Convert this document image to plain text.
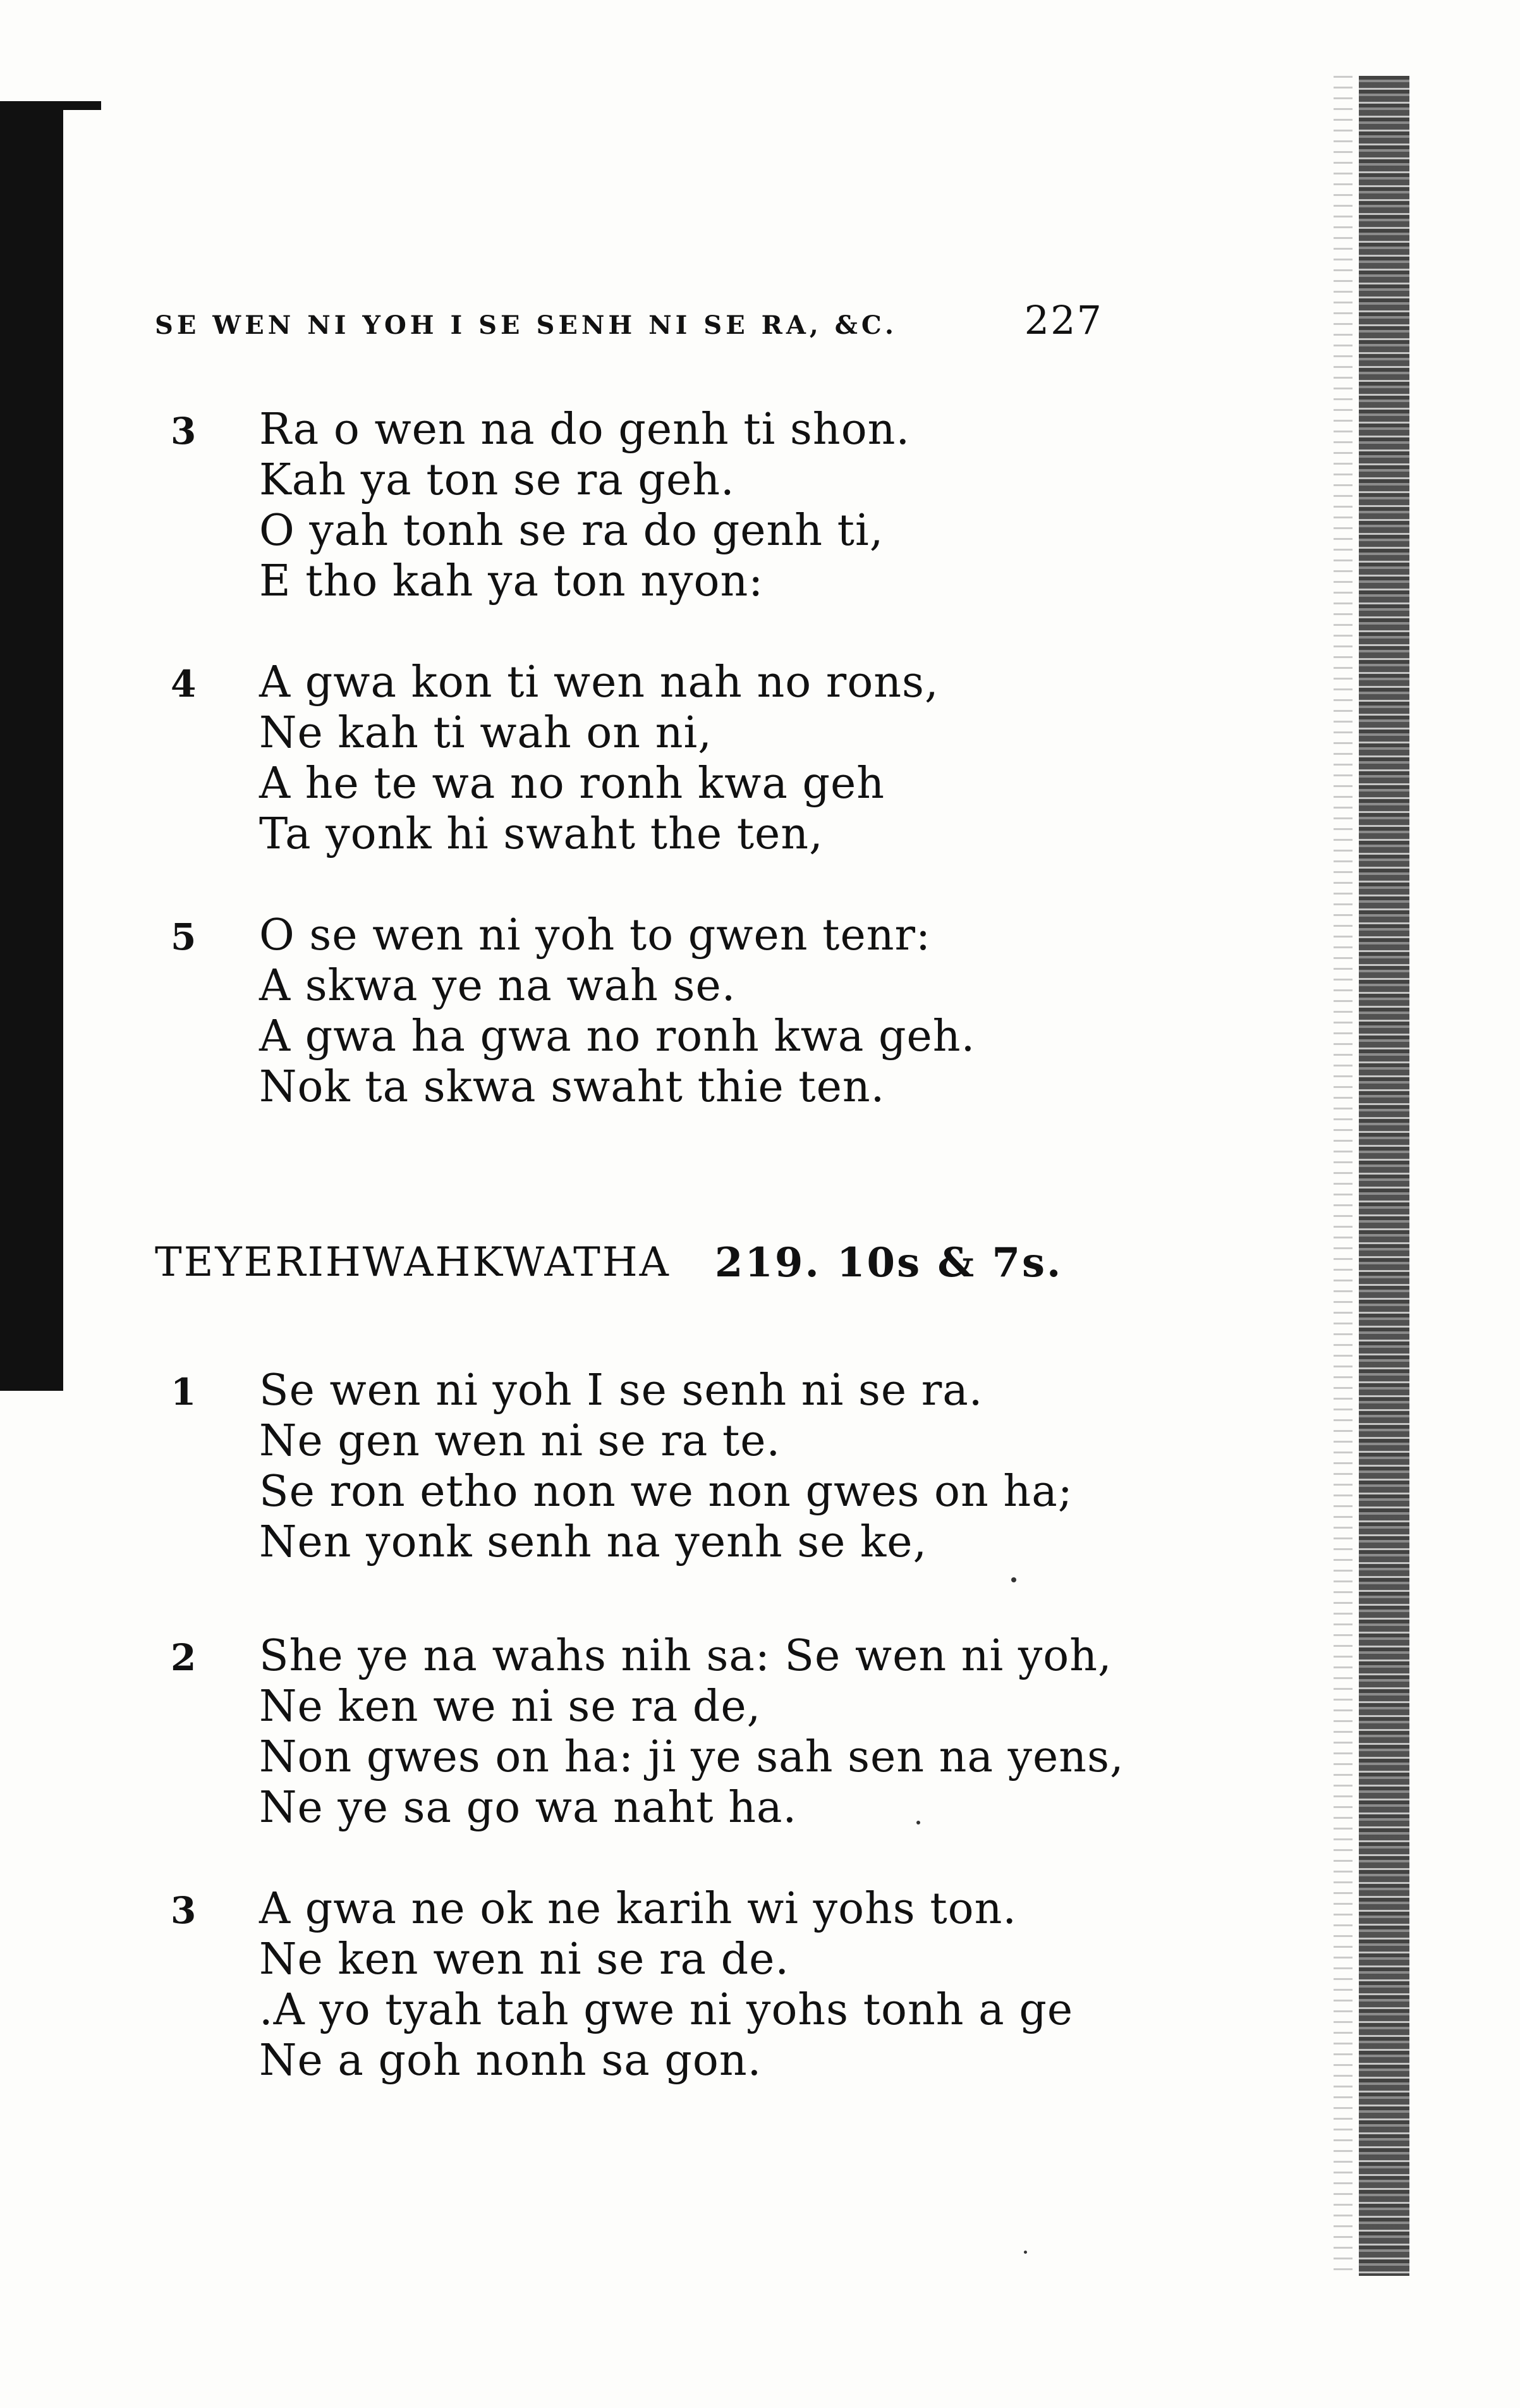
SE WEN NI YOH I SE SENH NI SE RA, &C.	227
3 Ra o wen na do genh ti shon.
Kah ya ton se ra geh.
O yah tonh se ra do genh ti,
E tho kah ya ton nyon:
4 A gwa kon ti wen nah no rons,
Ne kah ti wah on ni,
A he te wa no ronh kwa geh
Ta yonk hi swaht the ten,
5 O se wen ni yoh to gwen tenr:
A skwa ye na wah se.
A gwa ha gwa no ronh kwa geh.
Nok ta skwa swaht thie ten.
TEYERIHWAHKWATHA 219. 10s & 7s.
1 Se wen ni yoh I se senh ni se ra.
Ne gen wen ni se ra te.
Se ron etho non we non gwes on ha;
Nen yonk senh na yenh se ke,
2 She ye na wahs nih sa: Se wen ni yoh,
Ne ken we ni se ra de,
Non gwes on ha: ji ye sah sen na yens,
Ne ye sa go wa naht ha.
3 A gwa ne ok ne karih wi yohs ton.
Ne ken wen ni se ra de.
.A yo tyah tah gwe ni yohs tonh a ge
Ne a goh nonh sa gon.
